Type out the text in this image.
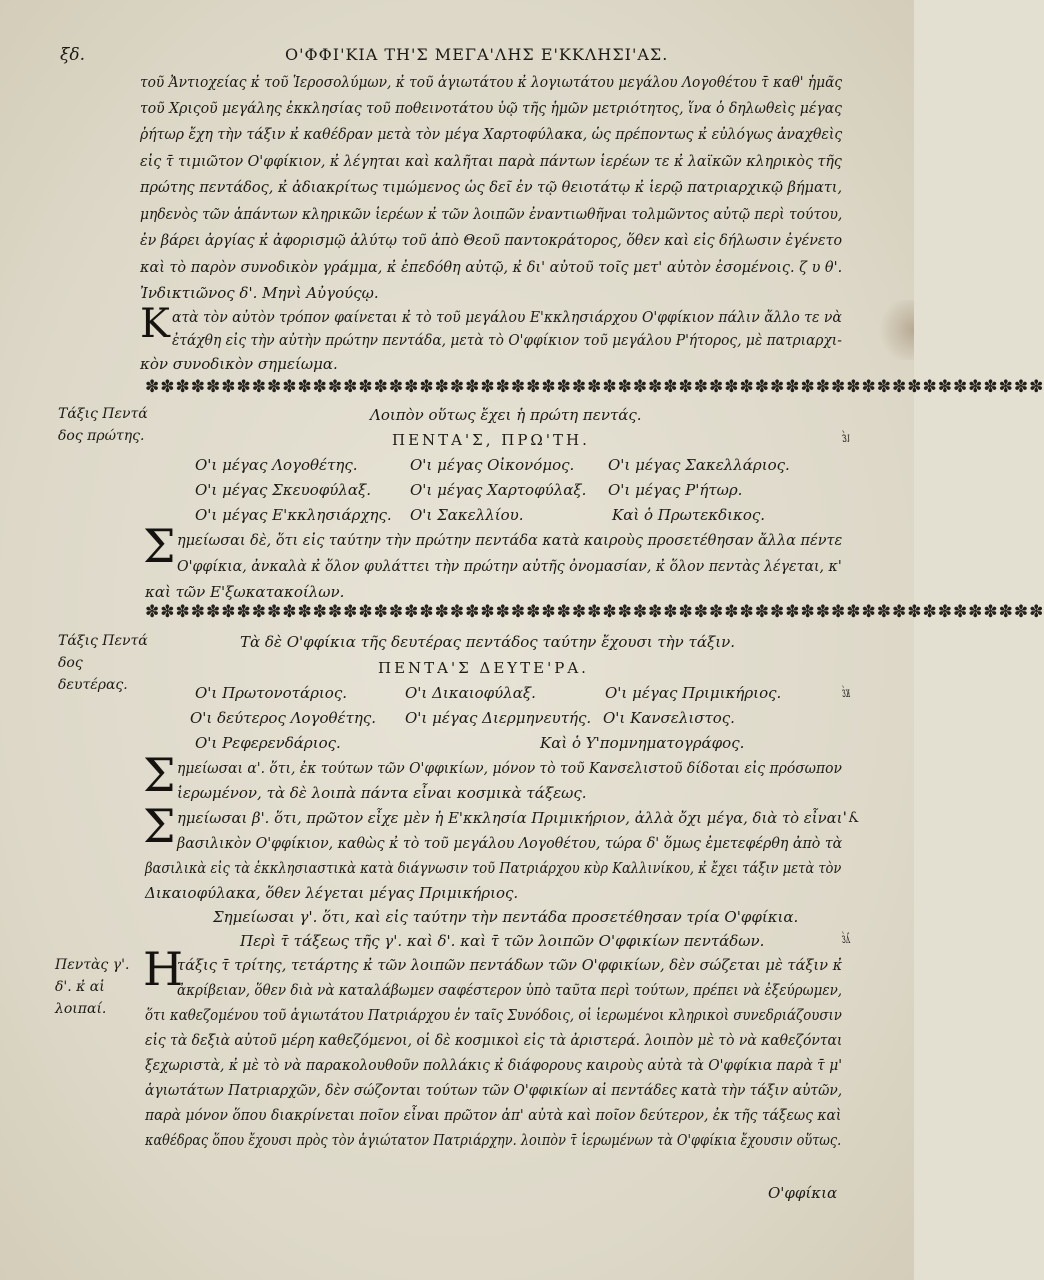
ξδ.	Ο'ΦΦΙ'ΚΙΑ ΤΗ'Σ ΜΕΓΑ'ΛΗΣ Ε'ΚΚΛΗΣΙ'ΑΣ.
τοῦ Ἀντιοχείας κ̓ τοῦ Ἱεροσολύμων, κ̓ τοῦ ἁγιωτάτου κ̓ λογιωτάτου μεγάλου Λογοθέτου τ̄ καθ' ἡμᾶς
τοῦ Χριςοῦ μεγάλης ἐκκλησίας τοῦ ποθεινοτάτου ὑῷ τῆς ἡμῶν μετριότητος, ἵνα ὁ δηλωθεὶς μέγας
ῥήτωρ ἔχη τὴν τάξιν κ̓ καθέδραν μετὰ τὸν μέγα Χαρτοφύλακα, ὡς πρέποντως κ̓ εὐλόγως ἀναχθεὶς
εἰς τ̄ τιμιῶτον Ο'φφίκιον, κ̓ λέγηται καὶ καλῆται παρὰ πάντων ἱερέων τε κ̓ λαϊκῶν κληρικὸς τῆς
πρώτης πεντάδος, κ̓ ἀδιακρίτως τιμώμενος ὡς δεῖ ἐν τῷ θειοτάτῳ κ̓ ἱερῷ πατριαρχικῷ βήματι,
μηδενὸς τῶν ἁπάντων κληρικῶν ἱερέων κ̓ τῶν λοιπῶν ἐναντιωθῆναι τολμῶντος αὐτῷ περὶ τούτου,
ἐν βάρει ἀργίας κ̓ ἀφορισμῷ ἀλύτῳ τοῦ ἀπὸ Θεοῦ παντοκράτορος, ὅθεν καὶ εἰς δήλωσιν ἐγένετο
καὶ τὸ παρὸν συνοδικὸν γράμμα, κ̓ ἐπεδόθη αὐτῷ, κ̓ δι' αὐτοῦ τοῖς μετ' αὐτὸν ἐσομένοις. ζ υ θ'.
Ἰνδικτιῶνος δ'. Μηνὶ Αὐγούςῳ.
Κ ατὰ τὸν αὐτὸν τρόπον φαίνεται κ̓ τὸ τοῦ μεγάλου Ε'κκλησιάρχου Ο'φφίκιον πάλιν ἄλλο τε νὰ
ἐτάχθη εἰς τὴν αὐτὴν πρώτην πεντάδα, μετὰ τὸ Ο'φφίκιον τοῦ μεγάλου Ρ'ήτορος, μὲ πατριαρχι-
κὸν συνοδικὸν σημείωμα.
✽✽✽✽✽✽✽✽✽✽✽✽✽✽✽✽✽✽✽✽✽✽✽✽✽✽✽✽✽✽✽✽✽✽✽✽✽✽✽✽✽✽✽✽✽✽✽✽✽✽✽✽✽✽✽✽✽✽✽
Τάξις Πεντά δος πρώτης.
Λοιπὸν οὕτως ἔχει ἡ πρώτη πεντάς.
ΠΕΝΤΑ'Σ, ΠΡΩ'ΤΗ.	ιέ
Ο'ι μέγας Λογοθέτης.	Ο'ι μέγας Οἰκονόμος. Ο'ι μέγας Σακελλάριος.
Ο'ι μέγας Σκευοφύλαξ.	Ο'ι μέγας Χαρτοφύλαξ. Ο'ι μέγας Ρ'ήτωρ.
Ο'ι μέγας Ε'κκλησιάρχης. Ο'ι Σακελλίου.	Καὶ ὁ Πρωτεκδικος.
Σ ημείωσαι δὲ, ὅτι εἰς ταύτην τὴν πρώτην πεντάδα κατὰ καιροὺς προσετέθησαν ἄλλα πέντε
Ο'φφίκια, ἀνκαλὰ κ̓ ὅλον φυλάττει τὴν πρώτην αὐτῆς ὀνομασίαν, κ̓ ὅλον πεντὰς λέγεται, κ'
καὶ τῶν Ε'ξωκατακοίλων.
✽✽✽✽✽✽✽✽✽✽✽✽✽✽✽✽✽✽✽✽✽✽✽✽✽✽✽✽✽✽✽✽✽✽✽✽✽✽✽✽✽✽✽✽✽✽✽✽✽✽✽✽✽✽✽✽✽✽✽
Τάξις Πεντά δος δευτέρας.
Τὰ δὲ Ο'φφίκια τῆς δευτέρας πεντάδος ταύτην ἔχουσι τὴν τάξιν.
ΠΕΝΤΑ'Σ ΔΕΥΤΕ'ΡΑ.
Ο'ι Πρωτονοτάριος.	Ο'ι Δικαιοφύλαξ.	Ο'ι μέγας Πριμικήριος.	κέ
Ο'ι δεύτερος Λογοθέτης. Ο'ι μέγας Διερμηνευτής. Ο'ι Κανσελιστος.
Ο'ι Ρεφερενδάριος.	Καὶ ὁ Υ'πομνηματογράφος.
Σ ημείωσαι α'. ὅτι, ἐκ τούτων τῶν Ο'φφικίων, μόνον τὸ τοῦ Κανσελιστοῦ δίδοται εἰς πρόσωπον
ἱερωμένον, τὰ δὲ λοιπὰ πάντα εἶναι κοσμικὰ τάξεως.
Σ ημείωσαι β'. ὅτι, πρῶτον εἶχε μὲν ἡ Ε'κκλησία Πριμικήριον, ἀλλὰ ὄχι μέγα, διὰ τὸ εἶναι λ'
βασιλικὸν Ο'φφίκιον, καθὼς κ̓ τὸ τοῦ μεγάλου Λογοθέτου, τώρα δ' ὅμως ἐμετεφέρθη ἀπὸ τὰ
βασιλικὰ εἰς τὰ ἐκκλησιαστικὰ κατὰ διάγνωσιν τοῦ Πατριάρχου κὺρ Καλλινίκου, κ̓ ἔχει τάξιν μετὰ τὸν
Δικαιοφύλακα, ὅθεν λέγεται μέγας Πριμικήριος.
Σημείωσαι γ'. ὅτι, καὶ εἰς ταύτην τὴν πεντάδα προσετέθησαν τρία Ο'φφίκια.
Περὶ τ̄ τάξεως τῆς γ'. καὶ δ'. καὶ τ̄ τῶν λοιπῶν Ο'φφικίων πεντάδων.	λέ
Πεντὰς γ'. δ'. κ̓ αἱ λοιπαί.
Η
τάξις τ̄ τρίτης, τετάρτης κ̓ τῶν λοιπῶν πεντάδων τῶν Ο'φφικίων, δὲν σώζεται μὲ τάξιν κ̓
ἀκρίβειαν, ὅθεν διὰ νὰ καταλάβωμεν σαφέστερον ὑπὸ ταῦτα περὶ τούτων, πρέπει νὰ ἐξεύρωμεν,
ὅτι καθεζομένου τοῦ ἁγιωτάτου Πατριάρχου ἐν ταῖς Συνόδοις, οἱ ἱερωμένοι κληρικοὶ συνεδριάζουσιν
εἰς τὰ δεξιὰ αὐτοῦ μέρη καθεζόμενοι, οἱ δὲ κοσμικοὶ εἰς τὰ ἀριστερά. λοιπὸν μὲ τὸ νὰ καθεζόνται
ξεχωριστὰ, κ̓ μὲ τὸ νὰ παρακολουθοῦν πολλάκις κ̓ διάφορους καιροὺς αὐτὰ τὰ Ο'φφίκια παρὰ τ̄ μ'
ἁγιωτάτων Πατριαρχῶν, δὲν σώζονται τούτων τῶν Ο'φφικίων αἱ πεντάδες κατὰ τὴν τάξιν αὐτῶν,
παρὰ μόνον ὅπου διακρίνεται ποῖον εἶναι πρῶτον ἀπ' αὐτὰ καὶ ποῖον δεύτερον, ἐκ τῆς τάξεως καὶ
καθέδρας ὅπου ἔχουσι πρὸς τὸν ἁγιώτατον Πατριάρχην. λοιπὸν τ̄ ἱερωμένων τὰ Ο'φφίκια ἔχουσιν οὕτως.
Ο'φφίκια
